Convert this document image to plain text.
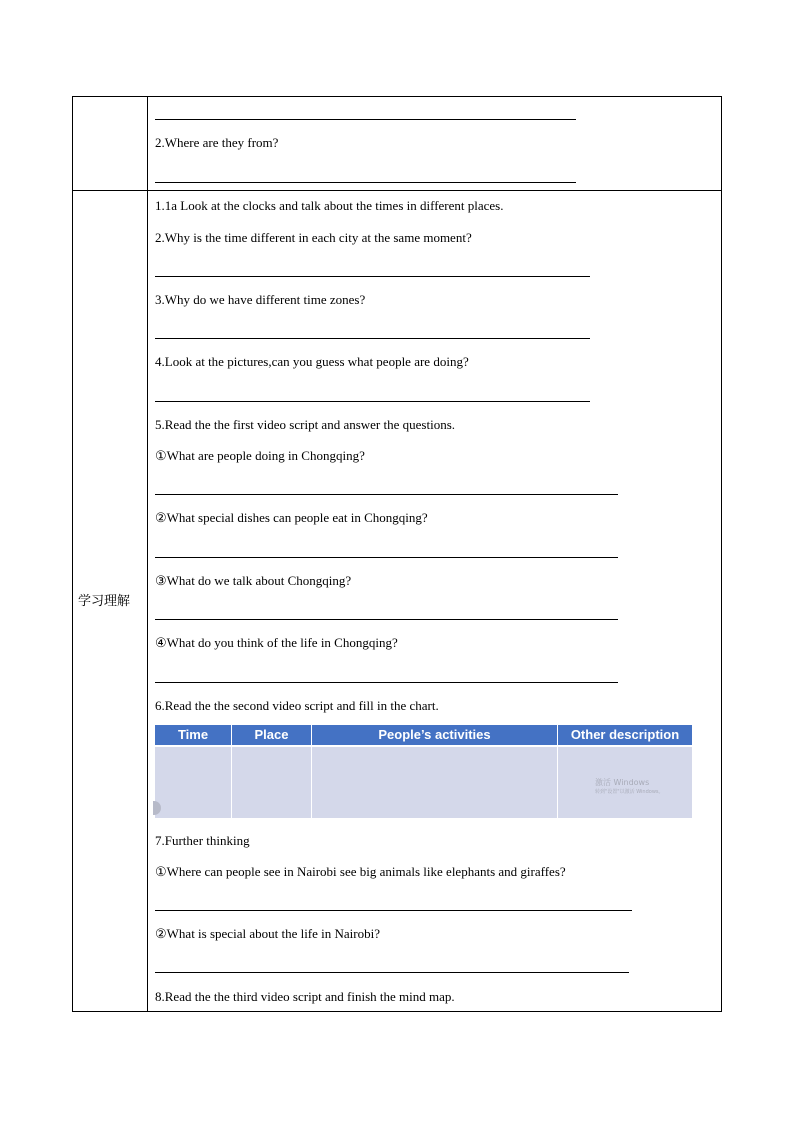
2.Where are they from?
学习理解
1.1a Look at the clocks and talk about the times in different places.
2.Why is the time different in each city at the same moment?
3.Why do we have different time zones?
4.Look at the pictures,can you guess what people are doing?
5.Read the the first video script and answer the questions.
①What are people doing in Chongqing?
②What special dishes can people eat in Chongqing?
③What do we talk about Chongqing?
④What do you think of the life in Chongqing?
6.Read the the second video script and fill in the chart.
Time	Place	People’s activities	Other description
激活 Windows
转到"设置"以激活 Windows。
7.Further thinking
①Where can people see in Nairobi see big animals like elephants and giraffes?
②What is special about the life in Nairobi?
8.Read the the third video script and finish the mind map.
